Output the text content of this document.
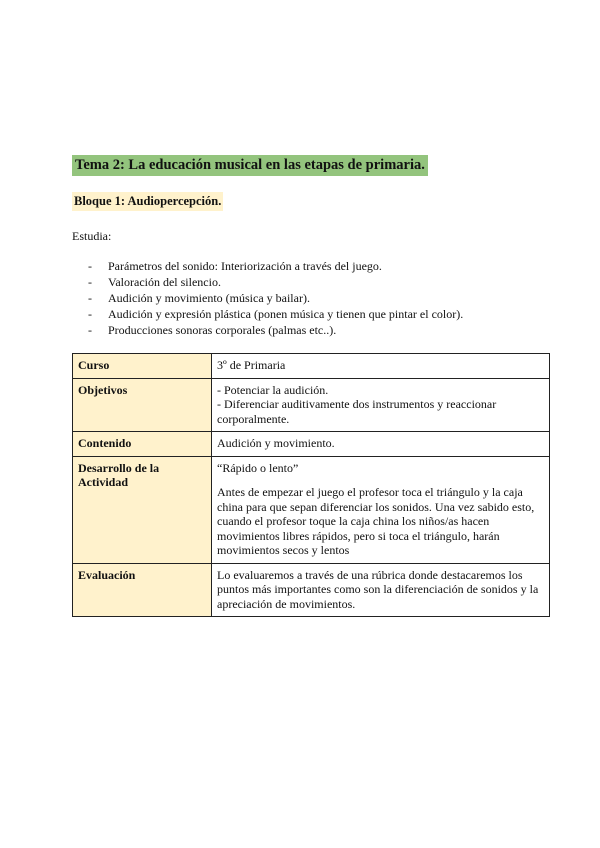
Tema 2: La educación musical en las etapas de primaria.
Bloque 1: Audiopercepción.
Estudia:
- Parámetros del sonido: Interiorización a través del juego.
- Valoración del silencio.
- Audición y movimiento (música y bailar).
- Audición y expresión plástica (ponen música y tienen que pintar el color).
- Producciones sonoras corporales (palmas etc..).
Curso	3º de Primaria
Objetivos	- Potenciar la audición.
- Diferenciar auditivamente dos instrumentos y reaccionar corporalmente.

Contenido	Audición y movimiento.
Desarrollo de la Actividad	“Rápido o lento”
Antes de empezar el juego el profesor toca el triángulo y la caja china para que sepan diferenciar los sonidos. Una vez sabido esto, cuando el profesor toque la caja china los niños/as hacen movimientos libres rápidos, pero si toca el triángulo, harán movimientos secos y lentos

Evaluación	Lo evaluaremos a través de una rúbrica donde destacaremos los puntos más importantes como son la diferenciación de sonidos y la apreciación de movimientos.
